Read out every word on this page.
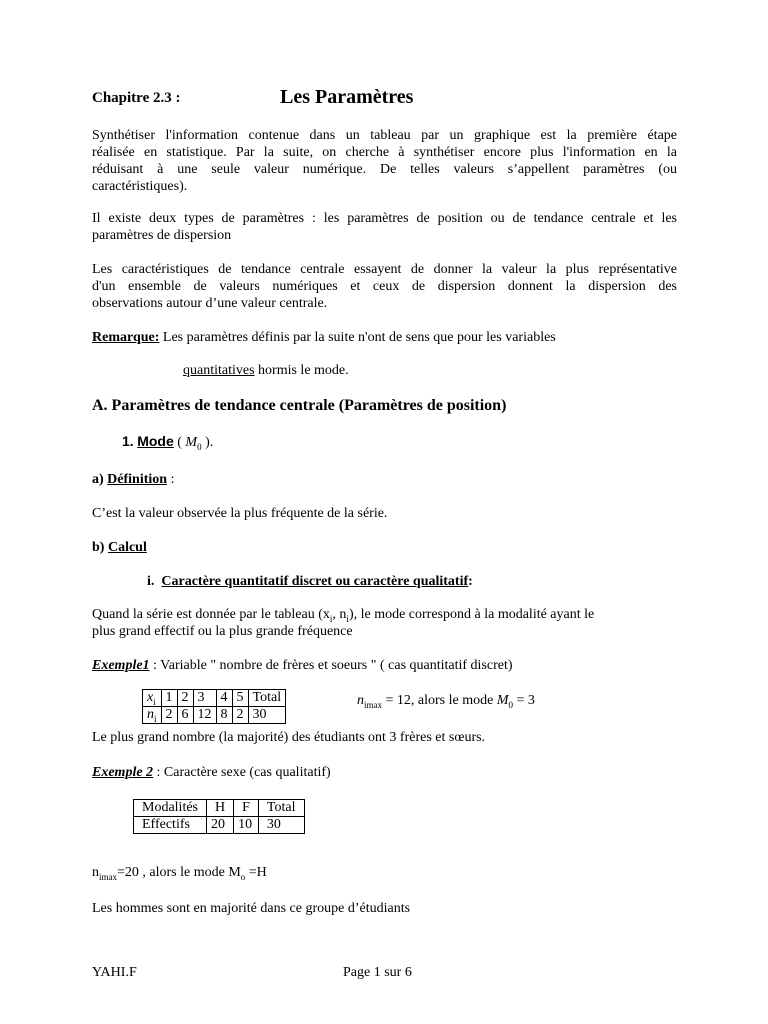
Chapitre 2.3 :	Les Paramètres
Synthétiser l'information contenue dans un tableau par un graphique est la première étape
réalisée en statistique. Par la suite, on cherche à synthétiser encore plus l'information en la
réduisant à une seule valeur numérique. De telles valeurs s’appellent paramètres (ou
caractéristiques).
Il existe deux types de paramètres : les paramètres de position ou de tendance centrale et les
paramètres de dispersion
Les caractéristiques de tendance centrale essayent de donner la valeur la plus représentative
d'un ensemble de valeurs numériques et ceux de dispersion donnent la dispersion des
observations autour d’une valeur centrale.
Remarque: Les paramètres définis par la suite n'ont de sens que pour les variables
quantitatives hormis le mode.
A. Paramètres de tendance centrale (Paramètres de position)
1. Mode ( $M_0$ ).
a) Définition :
C’est la valeur observée la plus fréquente de la série.
b) Calcul
i. Caractère quantitatif discret ou caractère qualitatif:
Quand la série est donnée par le tableau ($x_i$, $n_i$), le mode correspond à la modalité ayant le
plus grand effectif ou la plus grande fréquence
Exemple1 : Variable " nombre de frères et soeurs " ( cas quantitatif discret)
$x_i$	1	2	3	4	5	Total
$n_i$	2	6	12	8	2	30
$n_{imax} = 12$, alors le mode $M_0 = 3$
Le plus grand nombre (la majorité) des étudiants ont 3 frères et sœurs.
Exemple 2 : Caractère sexe (cas qualitatif)
Modalités	H	F	Total
Effectifs	20	10	30
$n_{imax}=20$ , alors le mode $M_o =H$
Les hommes sont en majorité dans ce groupe d’étudiants
YAHI.F	Page 1 sur 6
